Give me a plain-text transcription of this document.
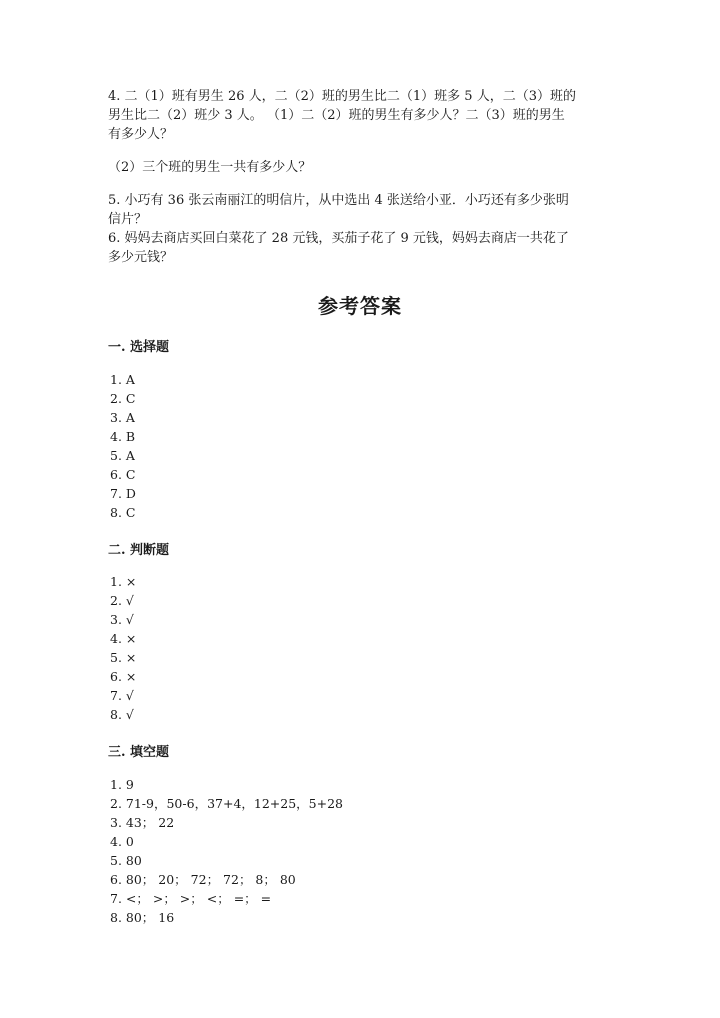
4. 二（1）班有男生 26 人，二（2）班的男生比二（1）班多 5 人，二（3）班的

男生比二（2）班少 3 人。 （1）二（2）班的男生有多少人？二（3）班的男生

有多少人？

（2）三个班的男生一共有多少人？

5. 小巧有 36 张云南丽江的明信片，从中选出 4 张送给小亚．小巧还有多少张明

信片？

6. 妈妈去商店买回白菜花了 28 元钱，买茄子花了 9 元钱，妈妈去商店一共花了

多少元钱？

参考答案
一. 选择题
1. A
2. C
3. A
4. B
5. A
6. C
7. D
8. C
二. 判断题
1. ×
2. √
3. √
4. ×
5. ×
6. ×
7. √
8. √
三. 填空题
1. 9
2. 71-9，50-6，37+4，12+25，5+28
3. 43； 22
4. 0
5. 80
6. 80； 20； 72； 72； 8； 80
7. <； >； >； <； =； =
8. 80； 16
